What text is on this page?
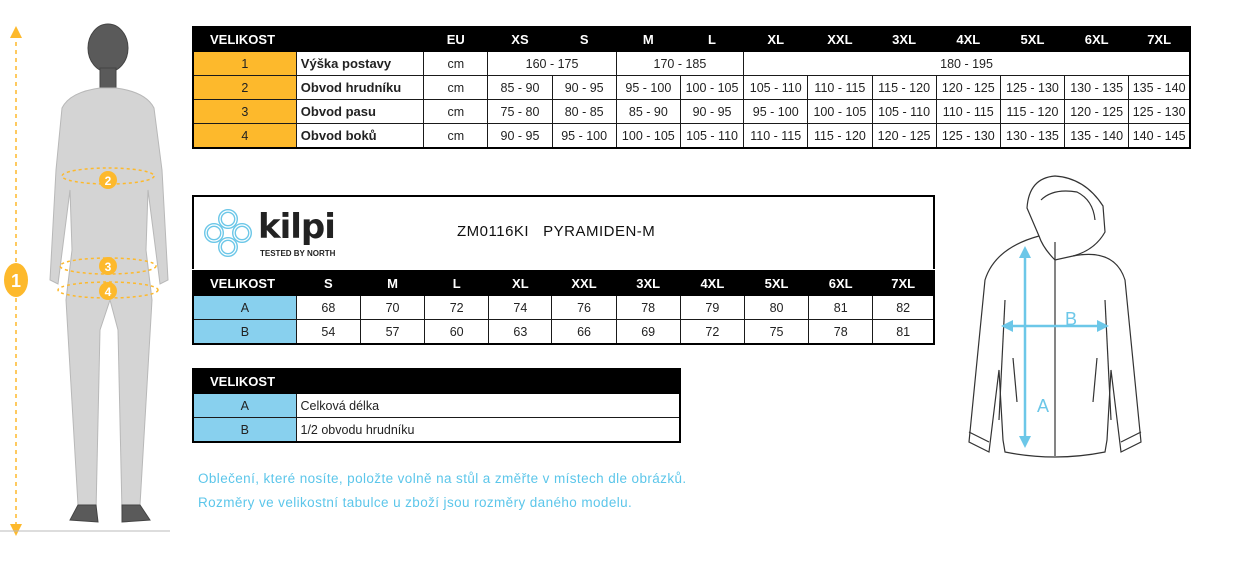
1
2
3
4
VELIKOST		EU	XS	S	M	L	XL	XXL	3XL	4XL	5XL	6XL	7XL
1	Výška postavy	cm	160 - 175		170 - 185		180 - 195						
2	Obvod hrudníku	cm	85 - 90	90 - 95	95 - 100	100 - 105	105 - 110	110 - 115	115 - 120	120 - 125	125 - 130	130 - 135	135 - 140
3	Obvod pasu	cm	75 - 80	80 - 85	85 - 90	90 - 95	95 - 100	100 - 105	105 - 110	110 - 115	115 - 120	120 - 125	125 - 130
4	Obvod boků	cm	90 - 95	95 - 100	100 - 105	105 - 110	110 - 115	115 - 120	120 - 125	125 - 130	130 - 135	135 - 140	140 - 145
kilpi
TESTED BY NORTH
ZM0116KI PYRAMIDEN-M
VELIKOST	S	M	L	XL	XXL	3XL	4XL	5XL	6XL	7XL
A	68	70	72	74	76	78	79	80	81	82
B	54	57	60	63	66	69	72	75	78	81
VELIKOST	
A	Celková délka
B	1/2 obvodu hrudníku
Oblečení, které nosíte, položte volně na stůl a změřte v místech dle obrázků.
Rozměry ve velikostní tabulce u zboží jsou rozměry daného modelu.
A
B
